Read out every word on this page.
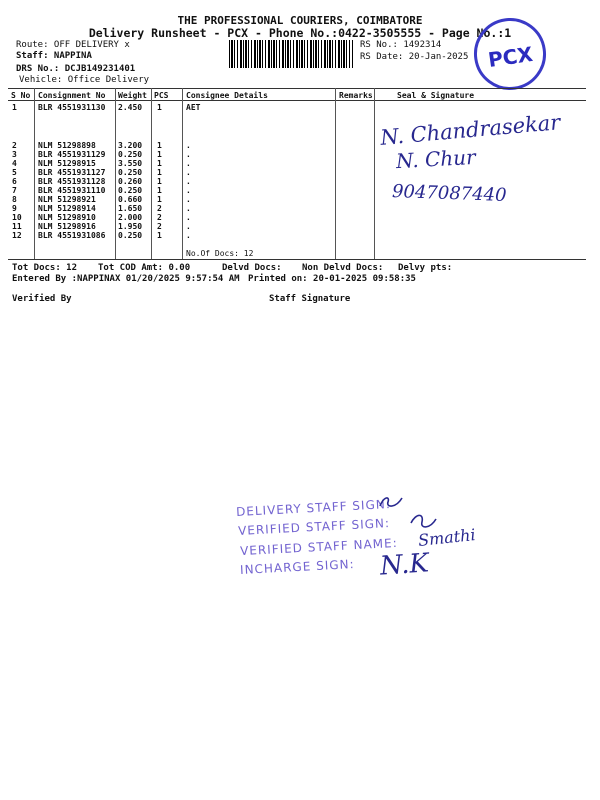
THE PROFESSIONAL COURIERS, COIMBATORE
Delivery Runsheet - PCX - Phone No.:0422-3505555 - Page No.:1
Route: OFF DELIVERY x
Staff: NAPPINA
DRS No.: DCJB149231401
Vehicle: Office Delivery
RS No.: 1492314
RS Date: 20-Jan-2025 PCX
S No Consignment No Weight PCS Consignee Details	Remarks	Seal & Signature
1	BLR 4551931130 2.450 1	AET
2	NLM 51298898	3.200 1	.
3	BLR 4551931129 0.250 1	.
4	NLM 51298915	3.550 1	.
5	BLR 4551931127 0.250 1	.
6	BLR 4551931128 0.260 1	.
7	BLR 4551931110 0.250 1	.
8	NLM 51298921	0.660 1	.
9	NLM 51298914	1.650 2	.
10 NLM 51298910	2.000 2	.
11 NLM 51298916	1.950 2	.
12 BLR 4551931086 0.250 1	.
No.Of Docs: 12
N. Chandrasekar
N. Chur
9047087440
Tot Docs: 12 Tot COD Amt: 0.00	Delvd Docs: Non Delvd Docs: Delvy pts:
Entered By :NAPPINAX 01/20/2025 9:57:54 AM Printed on: 20-01-2025 09:58:35
Verified By	Staff Signature
DELIVERY STAFF SIGN:
VERIFIED STAFF SIGN:
VERIFIED STAFF NAME:
INCHARGE SIGN:
Smathi
N.K
